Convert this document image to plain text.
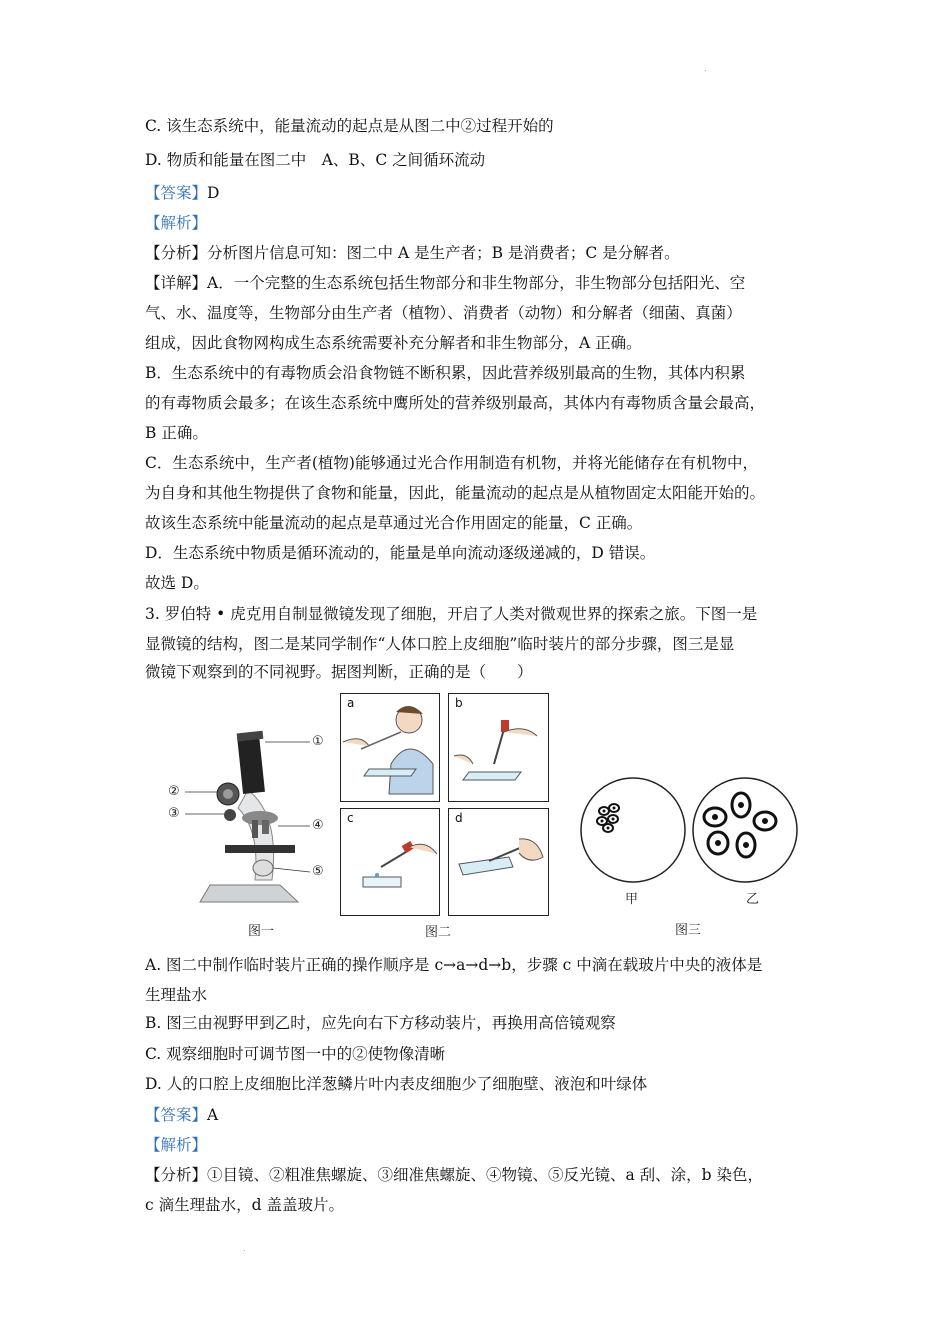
.
C. 该生态系统中，能量流动的起点是从图二中②过程开始的
D. 物质和能量在图二中　A、B、C 之间循环流动
【答案】D
【解析】
【分析】分析图片信息可知：图二中 A 是生产者；B 是消费者；C 是分解者。
【详解】A．一个完整的生态系统包括生物部分和非生物部分，非生物部分包括阳光、空
气、水、温度等，生物部分由生产者（植物）、消费者（动物）和分解者（细菌、真菌）
组成，因此食物网构成生态系统需要补充分解者和非生物部分，A 正确。
B．生态系统中的有毒物质会沿食物链不断积累，因此营养级别最高的生物，其体内积累
的有毒物质会最多；在该生态系统中鹰所处的营养级别最高，其体内有毒物质含量会最高，
B 正确。
C．生态系统中，生产者(植物)能够通过光合作用制造有机物，并将光能储存在有机物中，
为自身和其他生物提供了食物和能量，因此，能量流动的起点是从植物固定太阳能开始的。
故该生态系统中能量流动的起点是草通过光合作用固定的能量，C 正确。
D．生态系统中物质是循环流动的，能量是单向流动逐级递减的，D 错误。
故选 D。
3. 罗伯特 • 虎克用自制显微镜发现了细胞，开启了人类对微观世界的探索之旅。下图一是
显微镜的结构，图二是某同学制作“人体口腔上皮细胞”临时装片的部分步骤，图三是显
微镜下观察到的不同视野。据图判断，正确的是（　　）
①
②
③
④
⑤
图一
a	b
c	d
图二
甲	乙
图三
A. 图二中制作临时装片正确的操作顺序是 c→a→d→b，步骤 c 中滴在载玻片中央的液体是
生理盐水
B. 图三由视野甲到乙时，应先向右下方移动装片，再换用高倍镜观察
C. 观察细胞时可调节图一中的②使物像清晰
D. 人的口腔上皮细胞比洋葱鳞片叶内表皮细胞少了细胞壁、液泡和叶绿体
【答案】A
【解析】
【分析】①目镜、②粗准焦螺旋、③细准焦螺旋、④物镜、⑤反光镜、a 刮、涂，b 染色，
c 滴生理盐水，d 盖盖玻片。
.
